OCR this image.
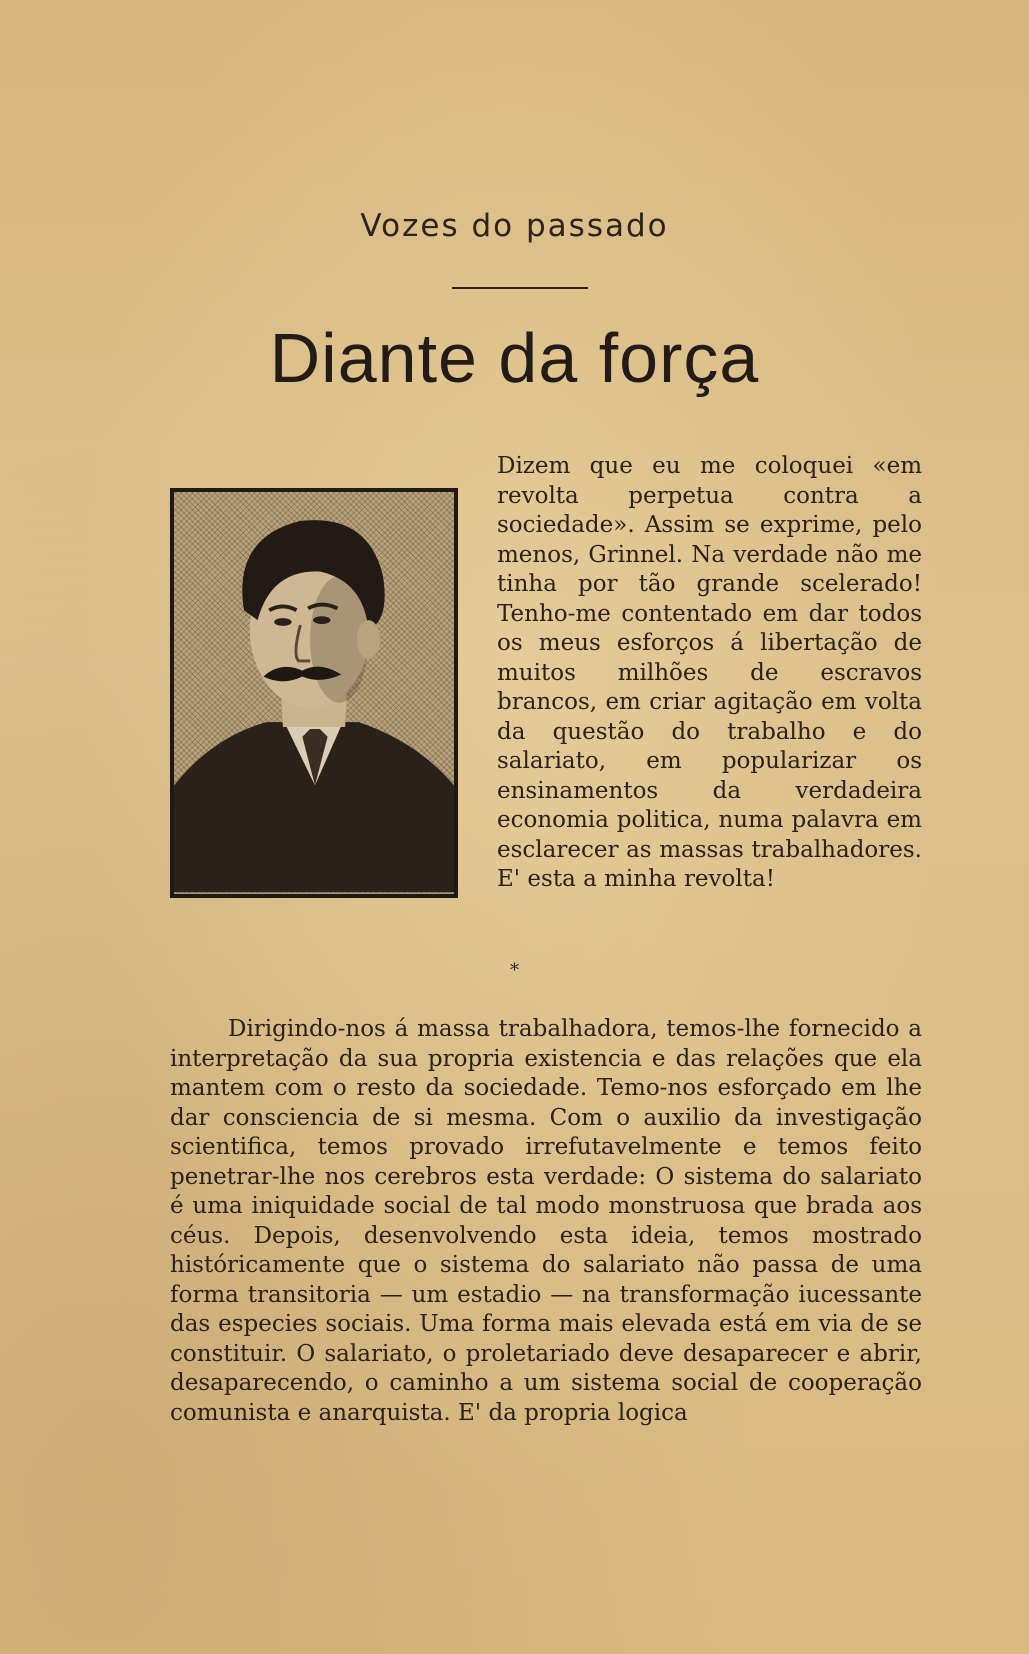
Vozes do passado
Diante da força

Dizem que eu me coloquei «em revolta perpetua contra a sociedade». Assim se exprime, pelo menos, Grinnel. Na verdade não me tinha por tão grande scelerado! Tenho-me contentado em dar todos os meus esforços á libertação de muitos milhões de escravos brancos, em criar agitação em volta da questão do trabalho e do salariato, em popularizar os ensinamentos da verdadeira economia politica, numa palavra em esclarecer as massas trabalhadores. E' esta a minha revolta!

*

Dirigindo-nos á massa trabalhadora, temos-lhe fornecido a interpretação da sua propria existencia e das relações que ela mantem com o resto da sociedade. Temo-nos esforçado em lhe dar consciencia de si mesma. Com o auxilio da investigação scientifica, temos provado irrefutavelmente e temos feito penetrar-lhe nos cerebros esta verdade: O sistema do salariato é uma iniquidade social de tal modo monstruosa que brada aos céus. Depois, desenvolvendo esta ideia, temos mostrado históricamente que o sistema do salariato não passa de uma forma transitoria — um estadio — na transformação iucessante das especies sociais. Uma forma mais elevada está em via de se constituir. O salariato, o proletariado deve desaparecer e abrir, desaparecendo, o caminho a um sistema social de cooperação comunista e anarquista. E' da propria logica
